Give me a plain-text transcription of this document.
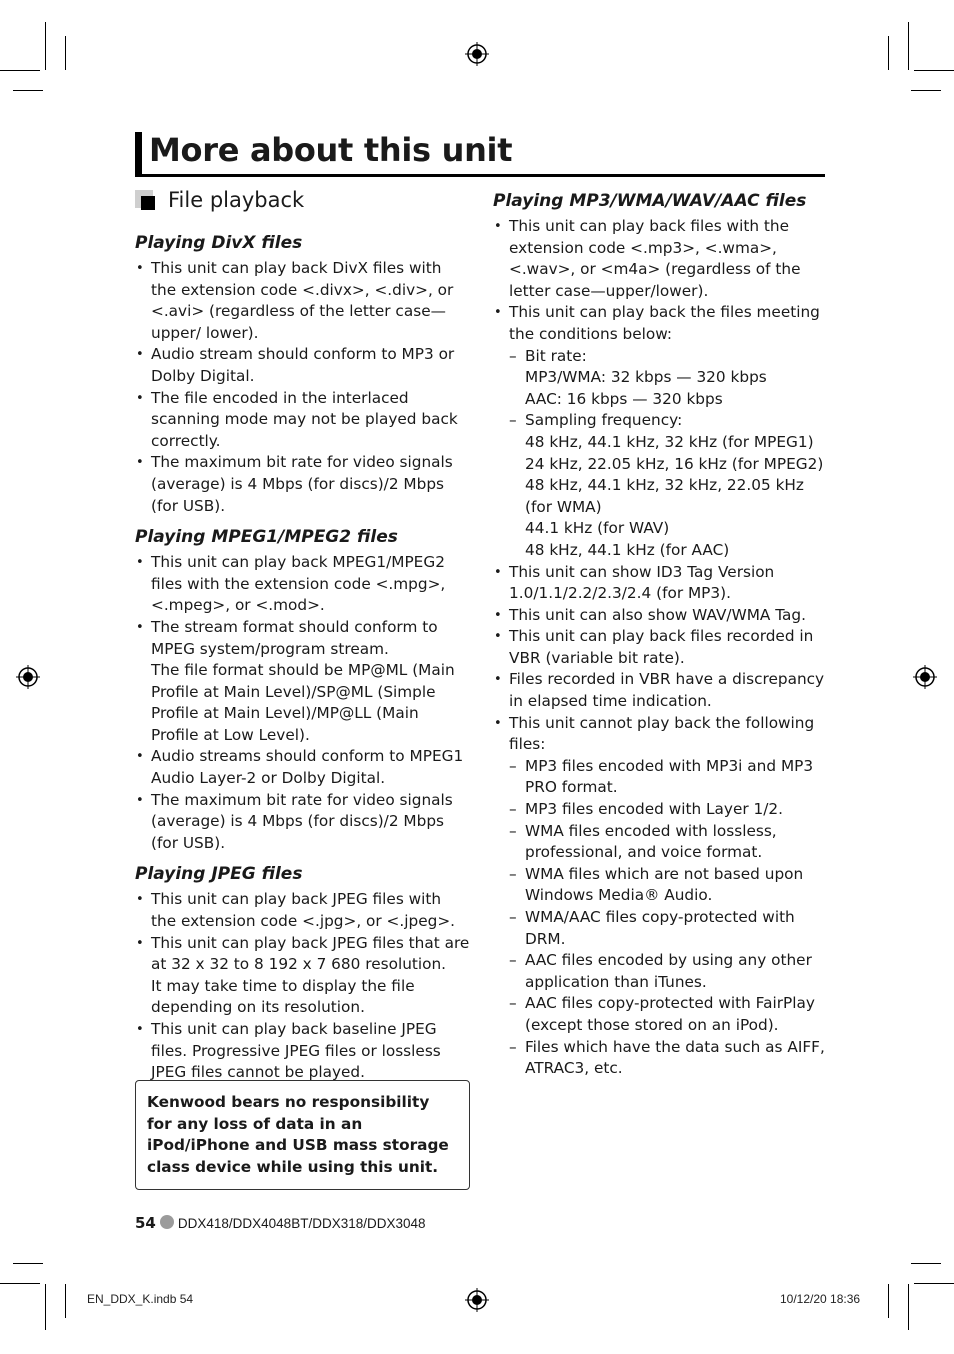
More about this unit
File playback
Playing DivX files
• This unit can play back DivX files with the extension code <.divx>, <.div>, or <.avi> (regardless of the letter case—upper/ lower).
• Audio stream should conform to MP3 or Dolby Digital.
• The file encoded in the interlaced scanning mode may not be played back correctly.
• The maximum bit rate for video signals (average) is 4 Mbps (for discs)/2 Mbps (for USB).
Playing MPEG1/MPEG2 files
• This unit can play back MPEG1/MPEG2 files with the extension code <.mpg>, <.mpeg>, or <.mod>.
• The stream format should conform to MPEG system/program stream.
The file format should be MP@ML (Main Profile at Main Level)/SP@ML (Simple Profile at Main Level)/MP@LL (Main Profile at Low Level).
• Audio streams should conform to MPEG1 Audio Layer-2 or Dolby Digital.
• The maximum bit rate for video signals (average) is 4 Mbps (for discs)/2 Mbps (for USB).
Playing JPEG files
• This unit can play back JPEG files with the extension code <.jpg>, or <.jpeg>.
• This unit can play back JPEG files that are at 32 x 32 to 8 192 x 7 680 resolution.
It may take time to display the file depending on its resolution.
• This unit can play back baseline JPEG files. Progressive JPEG files or lossless JPEG files cannot be played.
Playing MP3/WMA/WAV/AAC files
• This unit can play back files with the extension code <.mp3>, <.wma>, <.wav>, or <m4a> (regardless of the letter case—upper/lower).
• This unit can play back the files meeting the conditions below:
– Bit rate:
MP3/WMA: 32 kbps — 320 kbps
AAC: 16 kbps — 320 kbps
– Sampling frequency:
48 kHz, 44.1 kHz, 32 kHz (for MPEG1)
24 kHz, 22.05 kHz, 16 kHz (for MPEG2)
48 kHz, 44.1 kHz, 32 kHz, 22.05 kHz (for WMA)
44.1 kHz (for WAV)
48 kHz, 44.1 kHz (for AAC)
• This unit can show ID3 Tag Version 1.0/1.1/2.2/2.3/2.4 (for MP3).
• This unit can also show WAV/WMA Tag.
• This unit can play back files recorded in VBR (variable bit rate).
• Files recorded in VBR have a discrepancy in elapsed time indication.
• This unit cannot play back the following files:
– MP3 files encoded with MP3i and MP3 PRO format.
– MP3 files encoded with Layer 1/2.
– WMA files encoded with lossless, professional, and voice format.
– WMA files which are not based upon Windows Media® Audio.
– WMA/AAC files copy-protected with DRM.
– AAC files encoded by using any other application than iTunes.
– AAC files copy-protected with FairPlay (except those stored on an iPod).
– Files which have the data such as AIFF, ATRAC3, etc.

Kenwood bears no responsibility for any loss of data in an iPod/iPhone and USB mass storage class device while using this unit.

54 DDX418/DDX4048BT/DDX318/DDX3048
EN_DDX_K.indb 54	10/12/20 18:36
